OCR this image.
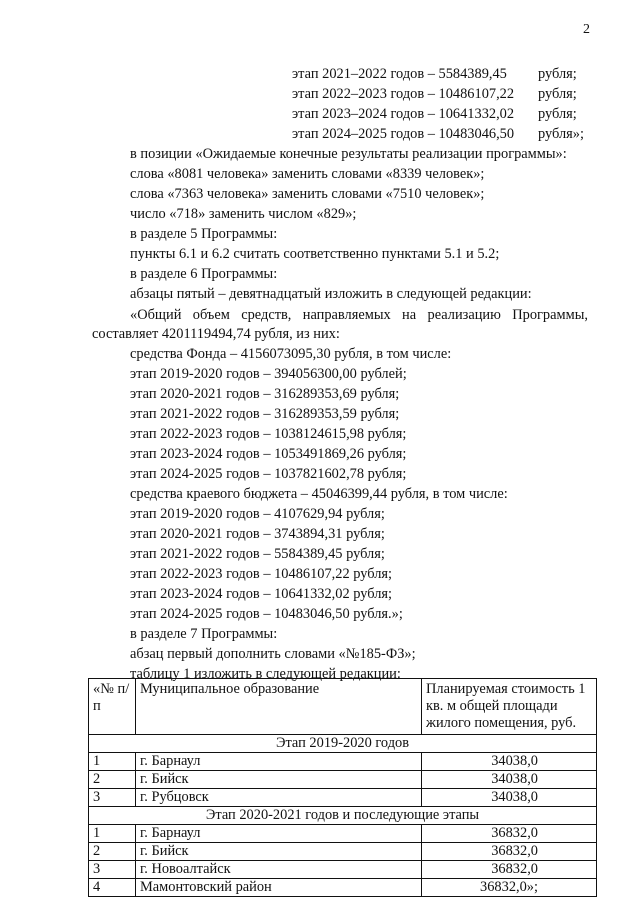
2
этап 2021–2022 годов – 5584389,45 рубля;
этап 2022–2023 годов – 10486107,22 рубля;
этап 2023–2024 годов – 10641332,02 рубля;
этап 2024–2025 годов – 10483046,50 рубля»;
в позиции «Ожидаемые конечные результаты реализации программы»:
слова «8081 человека» заменить словами «8339 человек»;
слова «7363 человека» заменить словами «7510 человек»;
число «718» заменить числом «829»;
в разделе 5 Программы:
пункты 6.1 и 6.2 считать соответственно пунктами 5.1 и 5.2;
в разделе 6 Программы:
абзацы пятый – девятнадцатый изложить в следующей редакции:
«Общий объем средств, направляемых на реализацию Программы, составляет 4201119494,74 рубля, из них:
средства Фонда – 4156073095,30 рубля, в том числе:
этап 2019-2020 годов – 394056300,00 рублей;
этап 2020-2021 годов – 316289353,69 рубля;
этап 2021-2022 годов – 316289353,59 рубля;
этап 2022-2023 годов – 1038124615,98 рубля;
этап 2023-2024 годов – 1053491869,26 рубля;
этап 2024-2025 годов – 1037821602,78 рубля;
средства краевого бюджета – 45046399,44 рубля, в том числе:
этап 2019-2020 годов – 4107629,94 рубля;
этап 2020-2021 годов – 3743894,31 рубля;
этап 2021-2022 годов – 5584389,45 рубля;
этап 2022-2023 годов – 10486107,22 рубля;
этап 2023-2024 годов – 10641332,02 рубля;
этап 2024-2025 годов – 10483046,50 рубля.»;
в разделе 7 Программы:
абзац первый дополнить словами «№185-ФЗ»;
таблицу 1 изложить в следующей редакции:
«№ п/п	Муниципальное образование	Планируемая стоимость 1 кв. м общей площади жилого помещения, руб.
Этап 2019-2020 годов		
1	г. Барнаул	34038,0
2	г. Бийск	34038,0
3	г. Рубцовск	34038,0
Этап 2020-2021 годов и последующие этапы		
1	г. Барнаул	36832,0
2	г. Бийск	36832,0
3	г. Новоалтайск	36832,0
4	Мамонтовский район	36832,0»;
